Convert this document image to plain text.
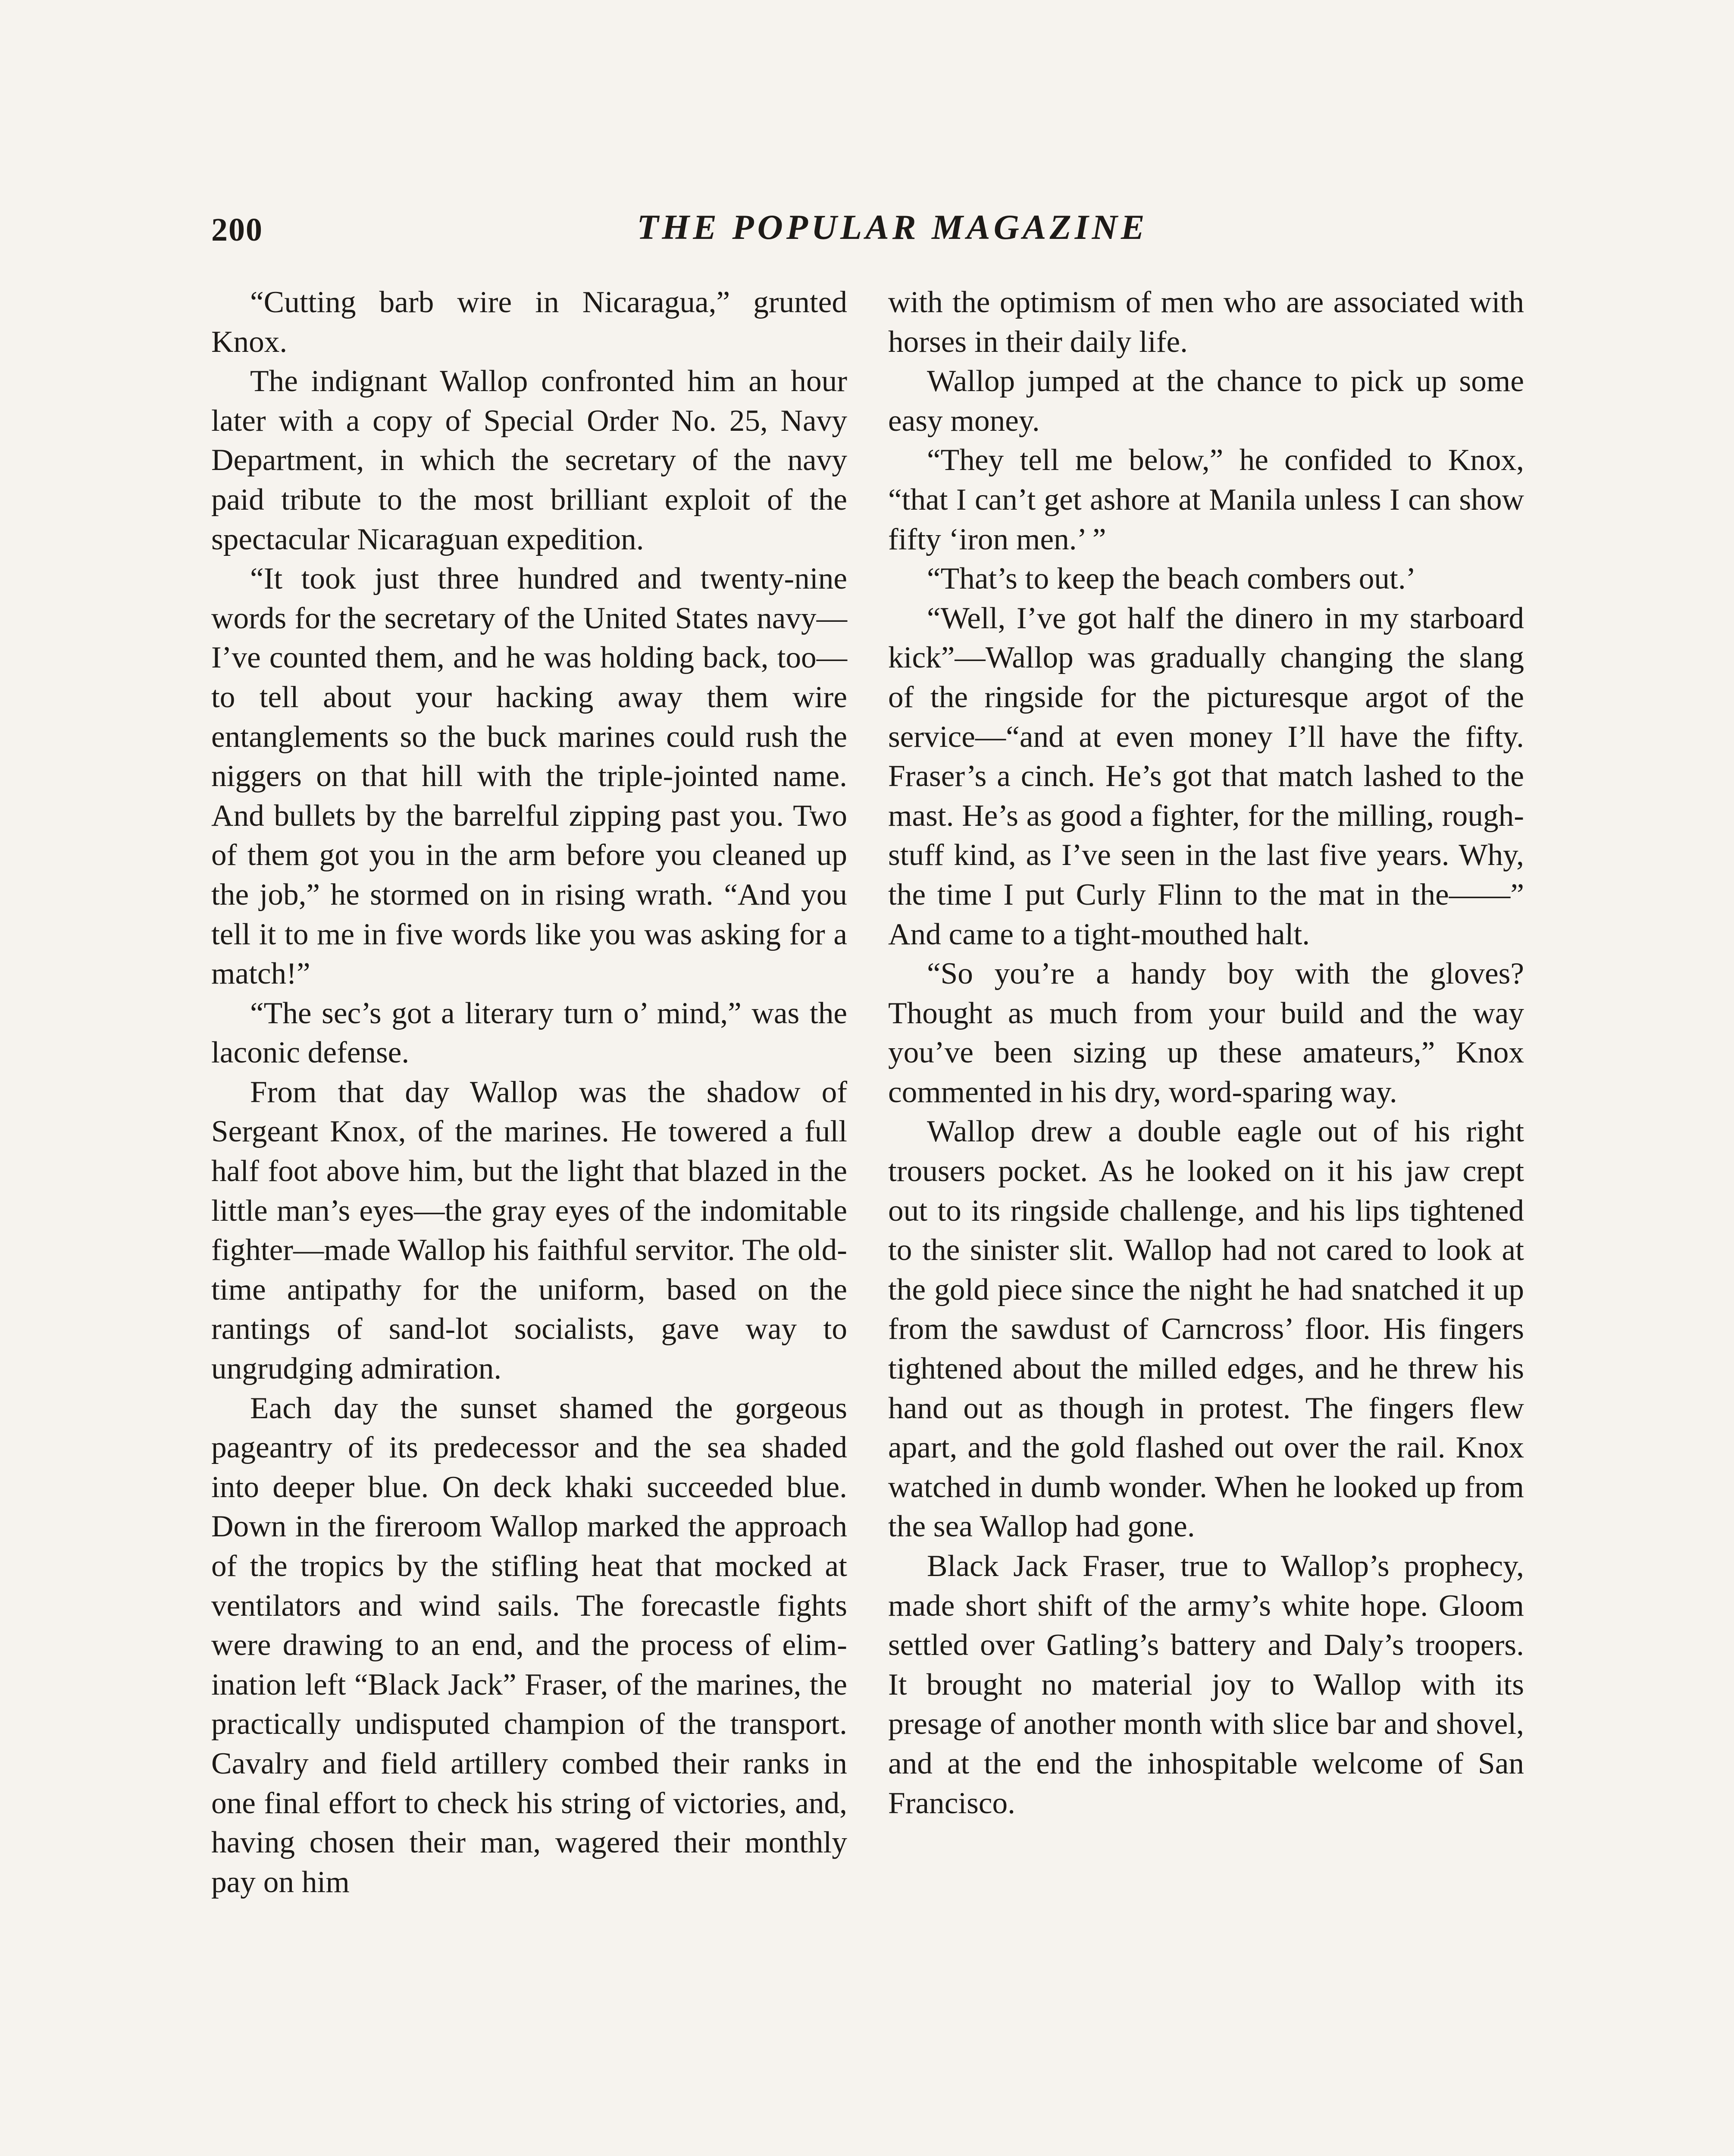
200	THE POPULAR MAGAZINE

“Cutting barb wire in Nicaragua,” grunted Knox.

The indignant Wallop confronted him an hour later with a copy of Special Order No. 25, Navy Department, in which the secretary of the navy paid tribute to the most brilliant exploit of the spectacular Nicaraguan expedition.

“It took just three hundred and twenty-nine words for the secretary of the United States navy—I’ve counted them, and he was holding back, too—to tell about your hacking away them wire entanglements so the buck marines could rush the niggers on that hill with the triple-jointed name. And bullets by the barrelful zipping past you. Two of them got you in the arm before you cleaned up the job,” he stormed on in rising wrath. “And you tell it to me in five words like you was asking for a match!”

“The sec’s got a literary turn o’ mind,” was the laconic defense.

From that day Wallop was the shadow of Sergeant Knox, of the marines. He towered a full half foot above him, but the light that blazed in the little man’s eyes—the gray eyes of the indomitable fighter—made Wallop his faithful servitor. The old-time antipathy for the uniform, based on the rantings of sand-lot socialists, gave way to ungrudging admiration.

Each day the sunset shamed the gorgeous pageantry of its predecessor and the sea shaded into deeper blue. On deck khaki succeeded blue. Down in the fireroom Wallop marked the approach of the tropics by the stifling heat that mocked at ventilators and wind sails. The forecastle fights were drawing to an end, and the process of elimination left “Black Jack” Fraser, of the marines, the practically undisputed champion of the transport. Cavalry and field artillery combed their ranks in one final effort to check his string of victories, and, having chosen their man, wagered their monthly pay on him

with the optimism of men who are associated with horses in their daily life.

Wallop jumped at the chance to pick up some easy money.

“They tell me below,” he confided to Knox, “that I can’t get ashore at Manila unless I can show fifty ‘iron men.’ ”

“That’s to keep the beach combers out.’

“Well, I’ve got half the dinero in my starboard kick”—Wallop was gradually changing the slang of the ringside for the picturesque argot of the service—“and at even money I’ll have the fifty. Fraser’s a cinch. He’s got that match lashed to the mast. He’s as good a fighter, for the milling, rough-stuff kind, as I’ve seen in the last five years. Why, the time I put Curly Flinn to the mat in the——” And came to a tight-mouthed halt.

“So you’re a handy boy with the gloves? Thought as much from your build and the way you’ve been sizing up these amateurs,” Knox commented in his dry, word-sparing way.

Wallop drew a double eagle out of his right trousers pocket. As he looked on it his jaw crept out to its ringside challenge, and his lips tightened to the sinister slit. Wallop had not cared to look at the gold piece since the night he had snatched it up from the sawdust of Carncross’ floor. His fingers tightened about the milled edges, and he threw his hand out as though in protest. The fingers flew apart, and the gold flashed out over the rail. Knox watched in dumb wonder. When he looked up from the sea Wallop had gone.

Black Jack Fraser, true to Wallop’s prophecy, made short shift of the army’s white hope. Gloom settled over Gatling’s battery and Daly’s troopers. It brought no material joy to Wallop with its presage of another month with slice bar and shovel, and at the end the inhospitable welcome of San Francisco.
